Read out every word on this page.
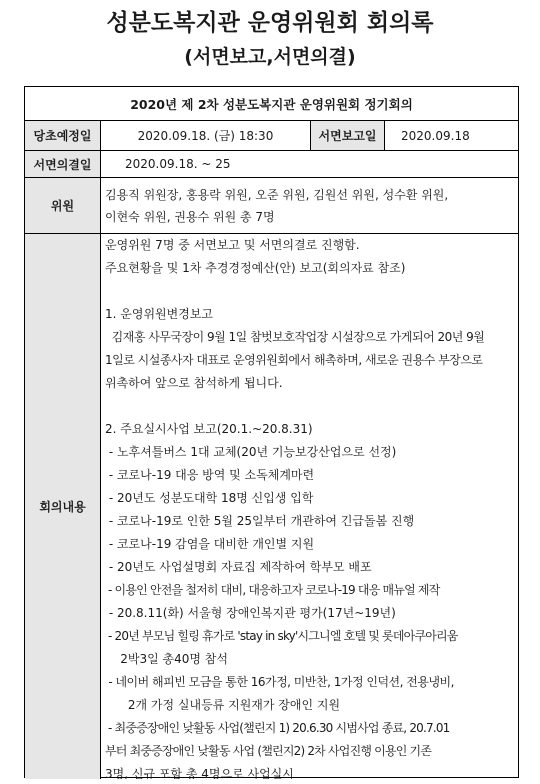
성분도복지관 운영위원회 회의록
(서면보고,서면의결)
2020년 제 2차 성분도복지관 운영위원회 정기회의
당초예정일	2020.09.18. (금) 18:30	서면보고일	2020.09.18
서면의결일	2020.09.18. ~ 25
위원
김용직 위원장, 홍용락 위원, 오준 위원, 김원선 위원, 성수환 위원,
이현숙 위원, 권용수 위원 총 7명
회의내용
운영위원 7명 중 서면보고 및 서면의결로 진행함.
주요현황을 및 1차 추경경정예산(안) 보고(회의자료 참조)
1. 운영위원변경보고
김재홍 사무국장이 9월 1일 참벗보호작업장 시설장으로 가게되어 20년 9월
1일로 시설종사자 대표로 운영위원회에서 해촉하며, 새로운 권용수 부장으로
위촉하여 앞으로 참석하게 됩니다.
2. 주요실시사업 보고(20.1.~20.8.31)
- 노후셔틀버스 1대 교체(20년 기능보강산업으로 선정)
- 코로나-19 대응 방역 및 소독체계마련
- 20년도 성분도대학 18명 신입생 입학
- 코로나-19로 인한 5월 25일부터 개관하여 긴급돌봄 진행
- 코로나-19 감염을 대비한 개인별 지원
- 20년도 사업설명회 자료집 제작하여 학부모 배포
- 이용인 안전을 철저히 대비, 대응하고자 코로나-19 대응 매뉴얼 제작
- 20.8.11(화) 서울형 장애인복지관 평가(17년~19년)
- 20년 부모님 힐링 휴가로 'stay in sky'시그니엘 호텔 및 롯데아쿠아리움
2박3일 총40명 참석
- 네이버 해피빈 모금을 통한 16가정, 미반찬, 1가정 인덕션, 전용냉비,
2개 가정 실내등류 지원재가 장애인 지원
- 최중증장애인 낮활동 사업(챌린지 1) 20.6.30 시범사업 종료, 20.7.01
부터 최중증장애인 낮활동 사업 (챌린지2) 2차 사업진행 이용인 기존
3명, 신규 포함 총 4명으로 사업실시
